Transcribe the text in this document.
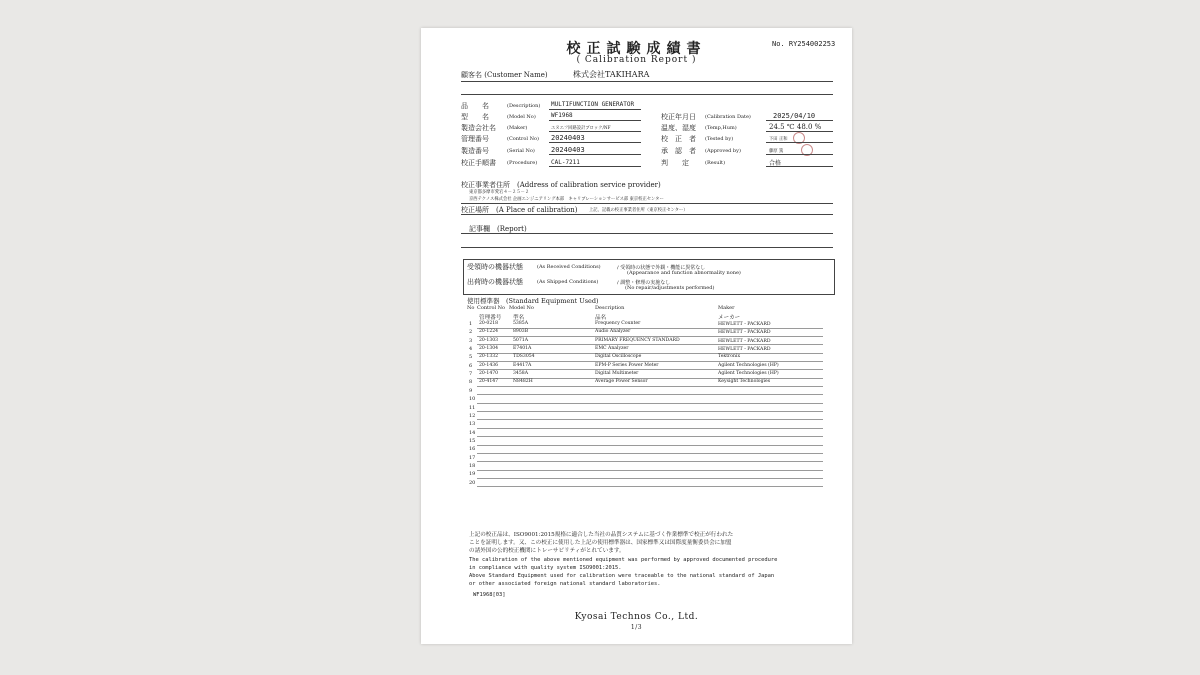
校正試験成績書
( Calibration Report )
No. RY254002253
顧客名 (Customer Name)	株式会社TAKIHARA
品　　名	(Description) MULTIFUNCTION GENERATOR
型　　名	(Model No)	WF1968
製造会社名 (Maker)	エヌエフ回路設計ブロック/NF
管理番号	(Control No) 20240403
製造番号	(Serial No) 20240403
校正手順書 (Procedure) CAL-7211
校正年月日 (Calibration Date)	2025/04/10
温度、湿度 (Temp,Hum)	24.5 ℃ 48.0 %
校　正　者 (Tested by)	下田 正和
承　認　者 (Approved by)	藤原 篤
判　　定	(Result)	合格
校正事業者住所　(Address of calibration service provider)
東京都多摩市愛宕４－２５－２
京西テクノス株式会社 企画エンジニアリング本部　キャリブレーションサービス部 東京校正センター
校正場所　(A Place of calibration)	上記、記載の校正事業者住所（東京校正センター）
記事欄　(Report)
受領時の機器状態	(As Received Conditions)	/ 受領時の状態で外観・機能に異常なし
(Appearance and function abnormality none)
出荷時の機器状態	(As Shipped Conditions)	/ 調整・修理の実施なし
(No repair/adjustments performed)
使用標準器　(Standard Equipment Used)
No Control No Model No	Description	Maker
管理番号 型名	品名	メーカー
1 20-0218	5385A	Frequency Counter	HEWLETT・PACKARD
2 20-1224	8903B	Audio Analyzer	HEWLETT・PACKARD
3 20-1303	5071A	PRIMARY FREQUENCY STANDARD	HEWLETT・PACKARD
4 20-1304	E7401A	EMC Analyzer	HEWLETT・PACKARD
5 20-1332	TDS3054	Digital Oscilloscope	Tektronix
6 20-1436	E4417A	EPM-P Series Power Meter	Agilent Technologies (HP)
7 20-1470	3458A	Digital Multimeter	Agilent Technologies (HP)
8 20-4147	N8482H	Average Power Sensor	Keysight Technologies
9
10
11
12
13
14
15
16
17
18
19
20
上記の校正品は、ISO9001:2015規格に適合した当社の品質システムに基づく作業標準で校正が行われた
ことを証明します。又、この校正に使用した上記の使用標準器は、国家標準又は国際度量衡委員会に加盟
の諸外国の公的校正機関にトレーサビリティがとれています。
The calibration of the above mentioned equipment was performed by approved documented procedure
in compliance with quality system ISO9001:2015.
Above Standard Equipment used for calibration were traceable to the national standard of Japan
or other associated foreign national standard laboratories.
WF1968[03]
Kyosai Technos Co., Ltd.
1/3
